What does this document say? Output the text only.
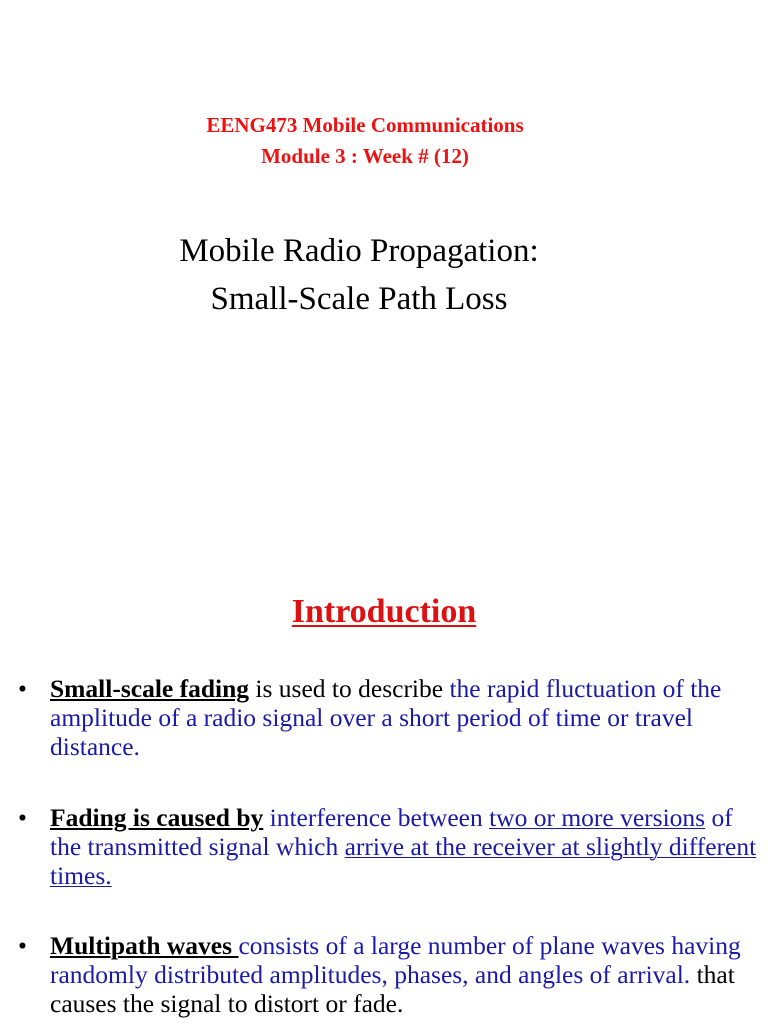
EENG473 Mobile Communications
Module 3 : Week # (12)
Mobile Radio Propagation:
Small-Scale Path Loss
Introduction
• Small-scale fading is used to describe the rapid fluctuation of the amplitude of a radio signal over a short period of time or travel distance.
• Fading is caused by interference between two or more versions of the transmitted signal which arrive at the receiver at slightly different times.
• Multipath waves consists of a large number of plane waves having randomly distributed amplitudes, phases, and angles of arrival. that causes the signal to distort or fade.
